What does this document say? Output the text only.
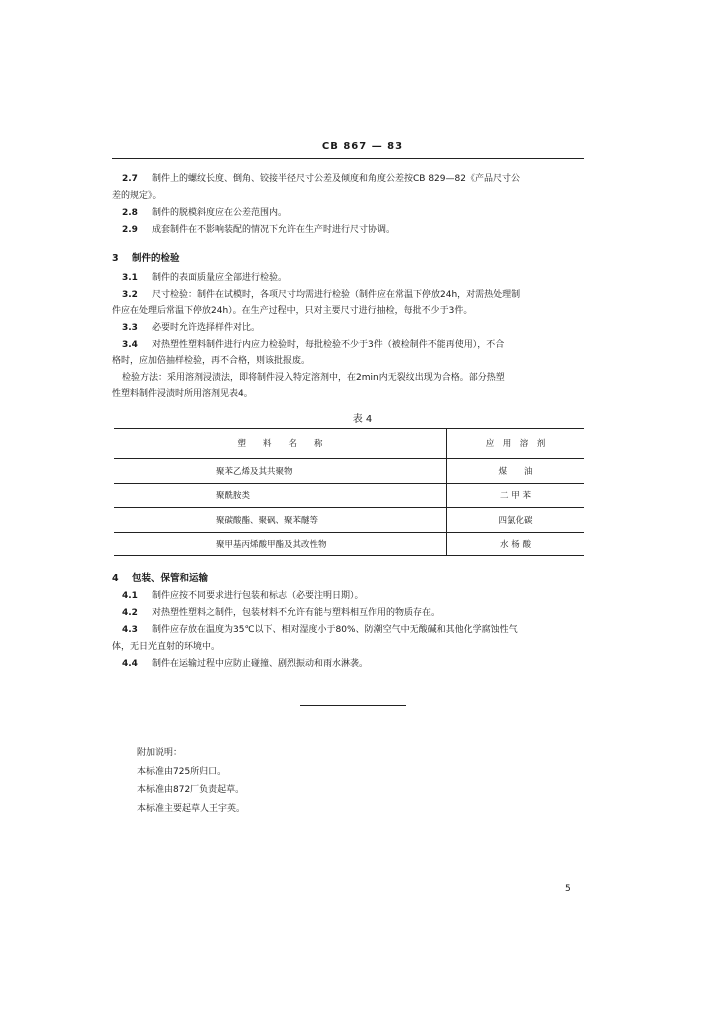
CB 867 — 83
2.7 制件上的螺纹长度、倒角、铰接半径尺寸公差及倾度和角度公差按CB 829—82《产品尺寸公
差的规定》。
2.8 制件的脱模斜度应在公差范围内。
2.9 成套制件在不影响装配的情况下允许在生产时进行尺寸协调。
3 制件的检验
3.1 制件的表面质量应全部进行检验。
3.2 尺寸检验：制件在试模时，各项尺寸均需进行检验（制件应在常温下停放24h，对需热处理制
件应在处理后常温下停放24h）。在生产过程中，只对主要尺寸进行抽检，每批不少于3件。
3.3 必要时允许选择样件对比。
3.4 对热塑性塑料制件进行内应力检验时，每批检验不少于3件（被检制件不能再使用），不合
格时，应加倍抽样检验，再不合格，则该批报废。
检验方法：采用溶剂浸渍法，即将制件浸入特定溶剂中，在2min内无裂纹出现为合格。部分热塑
性塑料制件浸渍时所用溶剂见表4。
表 4
塑　　料　　名　　称	应　用　溶　剂
聚苯乙烯及其共聚物	煤　　油
聚酰胺类	二 甲 苯
聚碳酸酯、聚砜、聚苯醚等	四氯化碳
聚甲基丙烯酸甲酯及其改性物	水 杨 酸
4 包装、保管和运输
4.1 制件应按不同要求进行包装和标志（必要注明日期）。
4.2 对热塑性塑料之制件，包装材料不允许有能与塑料相互作用的物质存在。
4.3 制件应存放在温度为35℃以下、相对湿度小于80%、防潮空气中无酸碱和其他化学腐蚀性气
体，无日光直射的环境中。
4.4 制件在运输过程中应防止碰撞、剧烈振动和雨水淋袭。
附加说明：
本标准由725所归口。
本标准由872厂负责起草。
本标准主要起草人王宇英。
5
